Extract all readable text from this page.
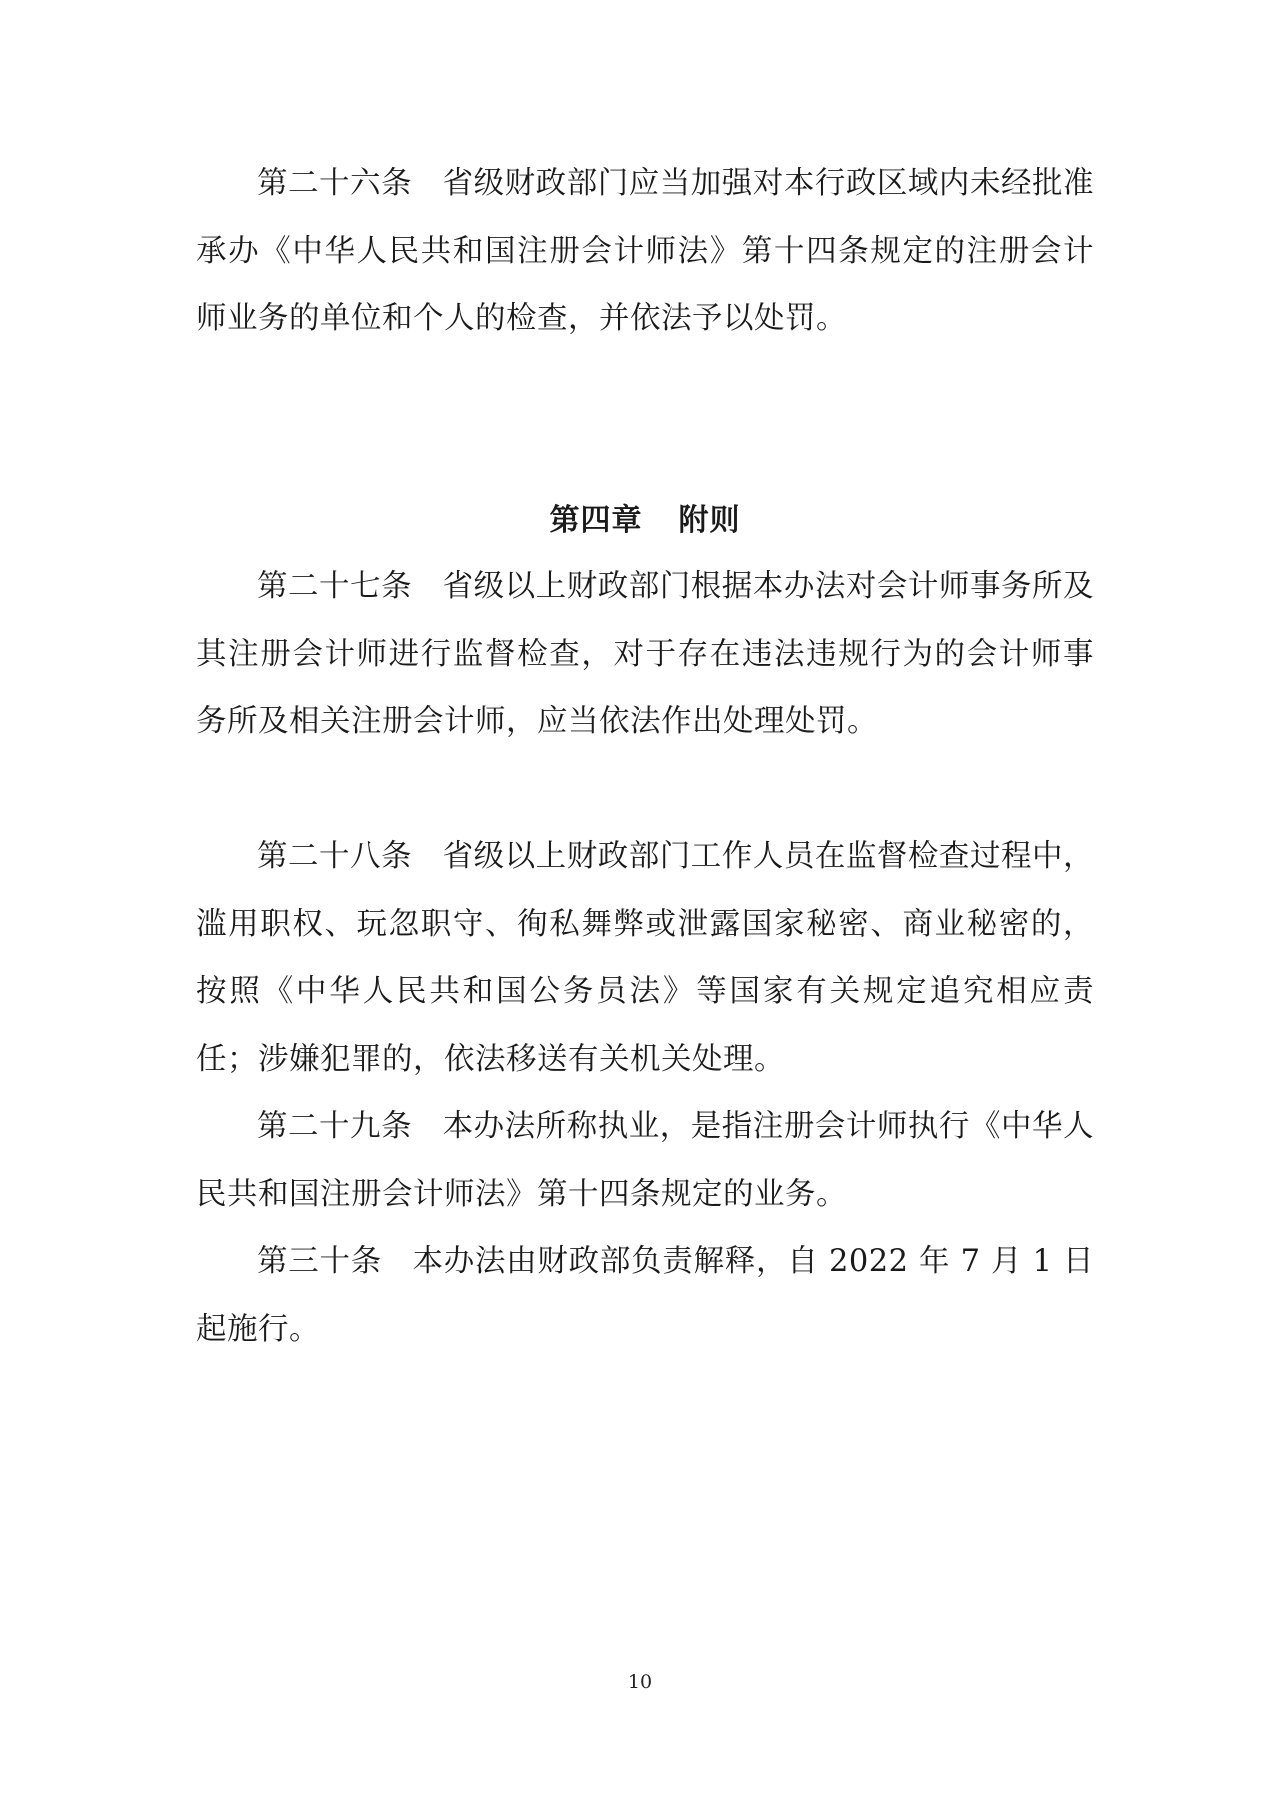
第二十六条 省级财政部门应当加强对本行政区域内未经批准承办《中华人民共和国注册会计师法》第十四条规定的注册会计师业务的单位和个人的检查，并依法予以处罚。

第四章 附则

第二十七条 省级以上财政部门根据本办法对会计师事务所及其注册会计师进行监督检查，对于存在违法违规行为的会计师事务所及相关注册会计师，应当依法作出处理处罚。

第二十八条 省级以上财政部门工作人员在监督检查过程中，滥用职权、玩忽职守、徇私舞弊或泄露国家秘密、商业秘密的，按照《中华人民共和国公务员法》等国家有关规定追究相应责任；涉嫌犯罪的，依法移送有关机关处理。

第二十九条 本办法所称执业，是指注册会计师执行《中华人民共和国注册会计师法》第十四条规定的业务。

第三十条 本办法由财政部负责解释，自 2022 年 7 月 1 日起施行。

10
